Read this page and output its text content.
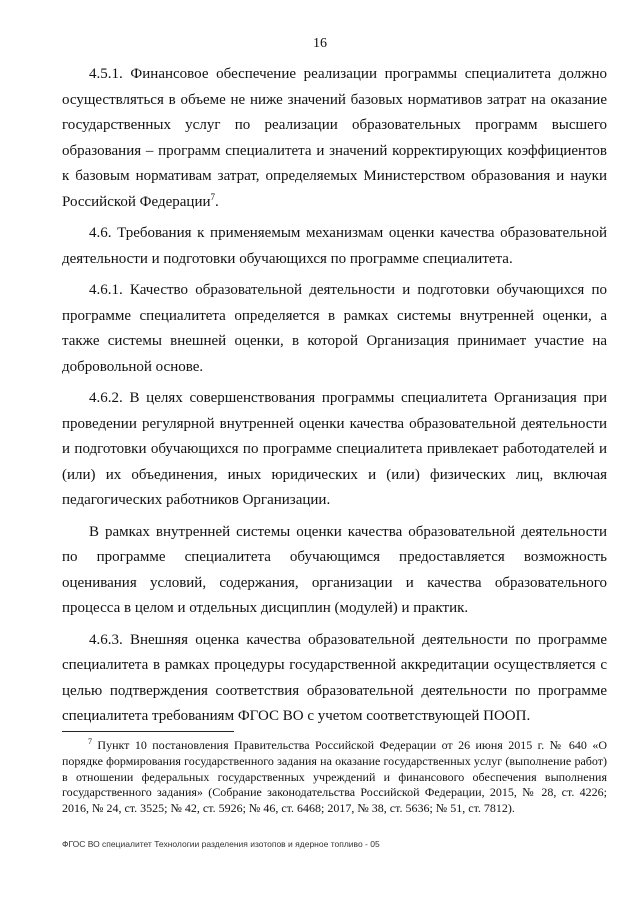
16

4.5.1. Финансовое обеспечение реализации программы специалитета должно осуществляться в объеме не ниже значений базовых нормативов затрат на оказание государственных услуг по реализации образовательных программ высшего образования – программ специалитета и значений корректирующих коэффициентов к базовым нормативам затрат, определяемых Министерством образования и науки Российской Федерации$^7$.

4.6. Требования к применяемым механизмам оценки качества образовательной деятельности и подготовки обучающихся по программе специалитета.

4.6.1. Качество образовательной деятельности и подготовки обучающихся по программе специалитета определяется в рамках системы внутренней оценки, а также системы внешней оценки, в которой Организация принимает участие на добровольной основе.

4.6.2. В целях совершенствования программы специалитета Организация при проведении регулярной внутренней оценки качества образовательной деятельности и подготовки обучающихся по программе специалитета привлекает работодателей и (или) их объединения, иных юридических и (или) физических лиц, включая педагогических работников Организации.

В рамках внутренней системы оценки качества образовательной деятельности по программе специалитета обучающимся предоставляется возможность оценивания условий, содержания, организации и качества образовательного процесса в целом и отдельных дисциплин (модулей) и практик.

4.6.3. Внешняя оценка качества образовательной деятельности по программе специалитета в рамках процедуры государственной аккредитации осуществляется с целью подтверждения соответствия образовательной деятельности по программе специалитета требованиям ФГОС ВО с учетом соответствующей ПООП.

$^7$ Пункт 10 постановления Правительства Российской Федерации от 26 июня 2015 г. № 640 «О порядке формирования государственного задания на оказание государственных услуг (выполнение работ) в отношении федеральных государственных учреждений и финансового обеспечения выполнения государственного задания» (Собрание законодательства Российской Федерации, 2015, № 28, ст. 4226; 2016, № 24, ст. 3525; № 42, ст. 5926; № 46, ст. 6468; 2017, № 38, ст. 5636; № 51, ст. 7812).

ФГОС ВО специалитет Технологии разделения изотопов и ядерное топливо - 05
